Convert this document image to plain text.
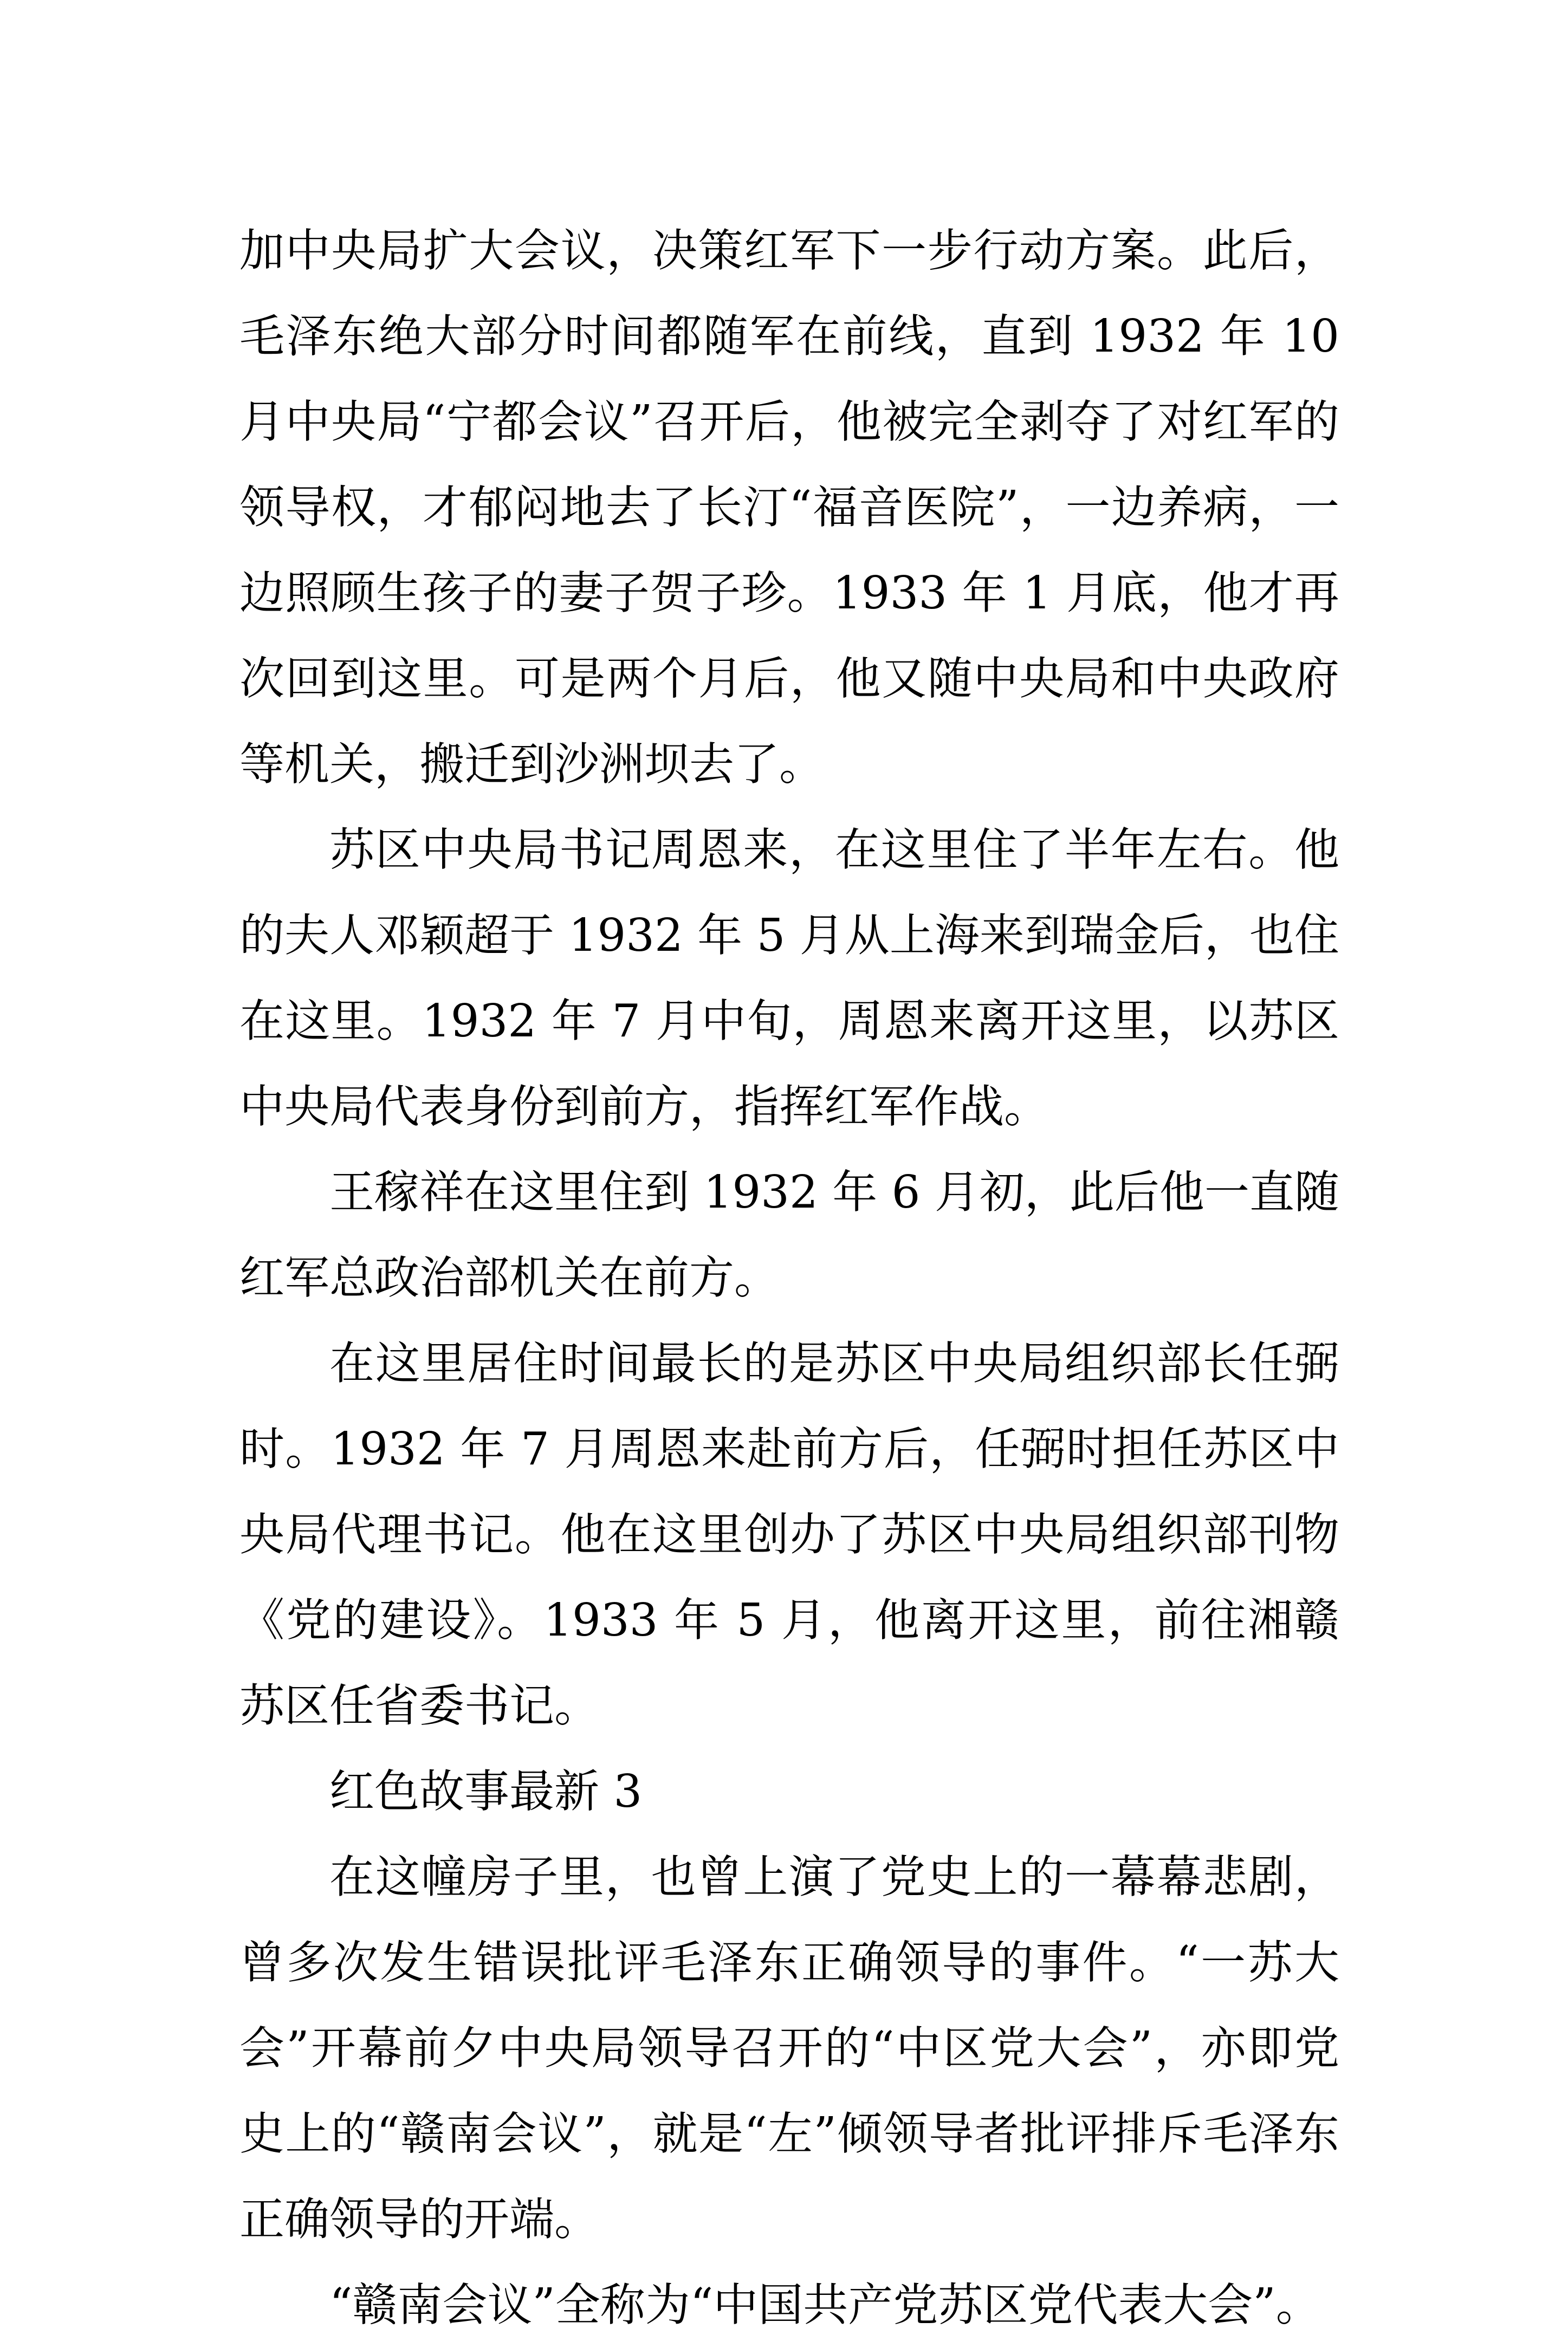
加中央局扩大会议，决策红军下一步行动方案。此后，毛泽东绝大部分时间都随军在前线，直到 1932 年 10 月中央局“宁都会议”召开后，他被完全剥夺了对红军的领导权，才郁闷地去了长汀“福音医院”，一边养病，一边照顾生孩子的妻子贺子珍。1933 年 1 月底，他才再次回到这里。可是两个月后，他又随中央局和中央政府等机关，搬迁到沙洲坝去了。

苏区中央局书记周恩来，在这里住了半年左右。他的夫人邓颖超于 1932 年 5 月从上海来到瑞金后，也住在这里。1932 年 7 月中旬，周恩来离开这里，以苏区中央局代表身份到前方，指挥红军作战。

王稼祥在这里住到 1932 年 6 月初，此后他一直随红军总政治部机关在前方。

在这里居住时间最长的是苏区中央局组织部长任弼时。1932 年 7 月周恩来赴前方后，任弼时担任苏区中央局代理书记。他在这里创办了苏区中央局组织部刊物《党的建设》。1933 年 5 月，他离开这里，前往湘赣苏区任省委书记。

红色故事最新 3

在这幢房子里，也曾上演了党史上的一幕幕悲剧，曾多次发生错误批评毛泽东正确领导的事件。“一苏大会”开幕前夕中央局领导召开的“中区党大会”，亦即党史上的“赣南会议”，就是“左”倾领导者批评排斥毛泽东正确领导的开端。

“赣南会议”全称为“中国共产党苏区党代表大会”。
